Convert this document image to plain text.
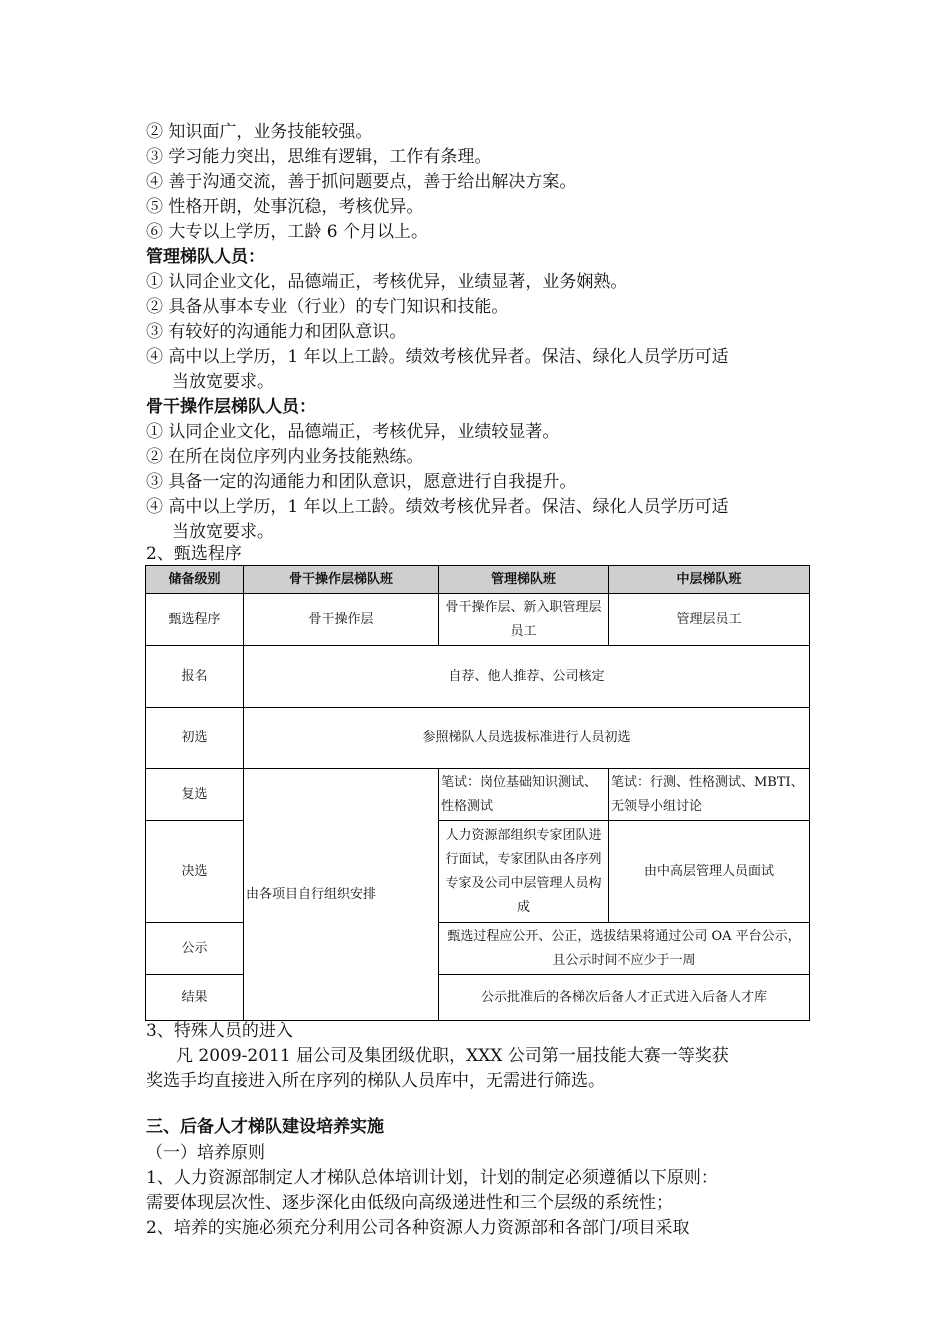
② 知识面广，业务技能较强。
③ 学习能力突出，思维有逻辑，工作有条理。
④ 善于沟通交流，善于抓问题要点，善于给出解决方案。
⑤ 性格开朗，处事沉稳，考核优异。
⑥ 大专以上学历，工龄 6 个月以上。
管理梯队人员：
① 认同企业文化，品德端正，考核优异，业绩显著，业务娴熟。
② 具备从事本专业（行业）的专门知识和技能。
③ 有较好的沟通能力和团队意识。
④ 高中以上学历，1 年以上工龄。绩效考核优异者。保洁、绿化人员学历可适
当放宽要求。
骨干操作层梯队人员：
① 认同企业文化，品德端正，考核优异，业绩较显著。
② 在所在岗位序列内业务技能熟练。
③ 具备一定的沟通能力和团队意识，愿意进行自我提升。
④ 高中以上学历，1 年以上工龄。绩效考核优异者。保洁、绿化人员学历可适
当放宽要求。
2、甄选程序
储备级别	骨干操作层梯队班	管理梯队班	中层梯队班
甄选程序	骨干操作层	骨干操作层、新入职管理层员工	管理层员工
报名	自荐、他人推荐、公司核定		
初选	参照梯队人员选拔标准进行人员初选		
复选	由各项目自行组织安排	笔试：岗位基础知识测试、性格测试	笔试：行测、性格测试、MBTI、无领导小组讨论
决选		人力资源部组织专家团队进行面试，专家团队由各序列专家及公司中层管理人员构成	由中高层管理人员面试
公示		甄选过程应公开、公正，选拔结果将通过公司 OA 平台公示，且公示时间不应少于一周	
结果		公示批准后的各梯次后备人才正式进入后备人才库	
3、特殊人员的进入
凡 2009-2011 届公司及集团级优职，XXX 公司第一届技能大赛一等奖获
奖选手均直接进入所在序列的梯队人员库中，无需进行筛选。
三、后备人才梯队建设培养实施
（一）培养原则
1、人力资源部制定人才梯队总体培训计划，计划的制定必须遵循以下原则：
需要体现层次性、逐步深化由低级向高级递进性和三个层级的系统性；
2、培养的实施必须充分利用公司各种资源人力资源部和各部门/项目采取
